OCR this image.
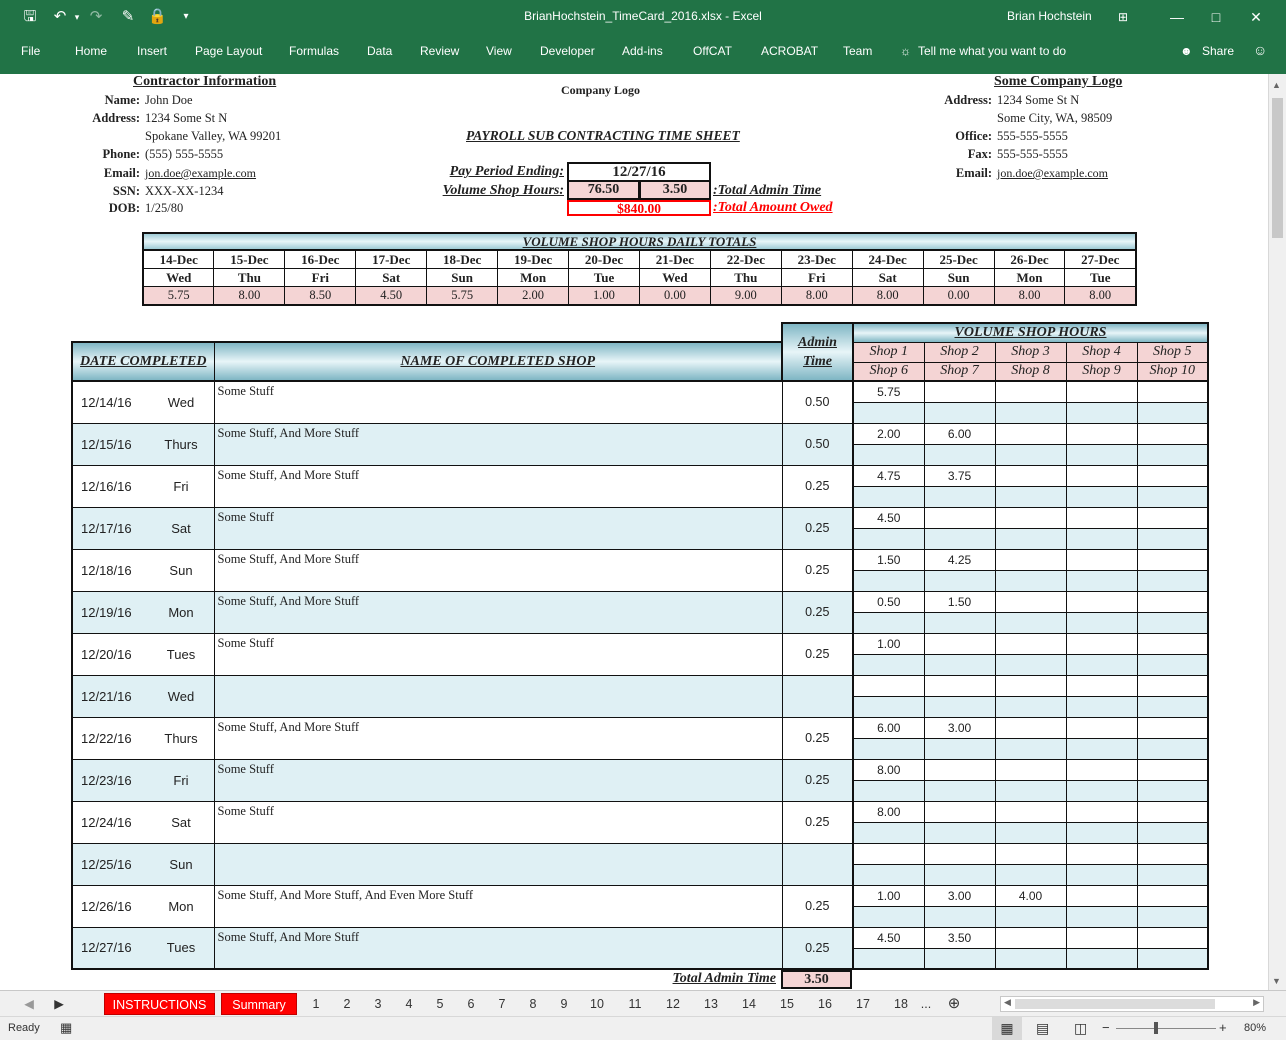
🖫 ↶ ▾ ↷ ✎ 🔒	▾	BrianHochstein_TimeCard_2016.xlsx - Excel	Brian Hochstein	⊞	—	□	✕
File	Home Insert Page Layout Formulas Data Review View Developer Add-ins	OffCAT ACROBAT Team ☼ Tell me what you want to do	☻ Share ☺
Contractor Information
Name: John Doe
Address: 1234 Some St N
Spokane Valley, WA 99201
Phone: (555) 555-5555
Email: jon.doe@example.com
SSN: XXX-XX-1234
DOB: 1/25/80
Company Logo
PAYROLL SUB CONTRACTING TIME SHEET
Pay Period Ending:	12/27/16
Volume Shop Hours:	76.50	3.50	:Total Admin Time
$840.00	:Total Amount Owed
Some Company Logo
Address: 1234 Some St N
Some City, WA, 98509
Office: 555-555-5555
Fax: 555-555-5555
Email: jon.doe@example.com
VOLUME SHOP HOURS DAILY TOTALS
14-Dec	15-Dec	16-Dec	17-Dec	18-Dec	19-Dec	20-Dec	21-Dec	22-Dec	23-Dec	24-Dec	25-Dec	26-Dec	27-Dec
Wed	Thu	Fri	Sat	Sun	Mon	Tue	Wed	Thu	Fri	Sat	Sun	Mon	Tue
5.75	8.00	8.50	4.50	5.75	2.00	1.00	0.00	9.00	8.00	8.00	0.00	8.00	8.00
		Admin
Time	VOLUME SHOP HOURS				
DATE COMPLETED	NAME OF COMPLETED SHOP		Shop 1	Shop 2	Shop 3	Shop 4	Shop 5
			Shop 6	Shop 7	Shop 8	Shop 9	Shop 10
12/14/16 Wed	Some Stuff	0.50	5.75				

12/15/16 Thurs	Some Stuff, And More Stuff	0.50	2.00	6.00			

12/16/16 Fri	Some Stuff, And More Stuff	0.25	4.75	3.75			

12/17/16 Sat	Some Stuff	0.25	4.50				

12/18/16 Sun	Some Stuff, And More Stuff	0.25	1.50	4.25			

12/19/16 Mon	Some Stuff, And More Stuff	0.25	0.50	1.50			

12/20/16 Tues	Some Stuff	0.25	1.00				

12/21/16 Wed							

12/22/16 Thurs	Some Stuff, And More Stuff	0.25	6.00	3.00			

12/23/16 Fri	Some Stuff	0.25	8.00				

12/24/16 Sat	Some Stuff	0.25	8.00				

12/25/16 Sun							

12/26/16 Mon	Some Stuff, And More Stuff, And Even More Stuff	0.25	1.00	3.00	4.00		

12/27/16 Tues	Some Stuff, And More Stuff	0.25	4.50	3.50			

Total Admin Time	3.50
▲
▼
◀ ▶	INSTRUCTIONS	Summary	1	2	3	4	5	6	7	8	9	10	11	12	13	14	15	16	17	18	... ⊕	◀	▶
Ready ▦	▦	▤ ◫ −	+ 80%
